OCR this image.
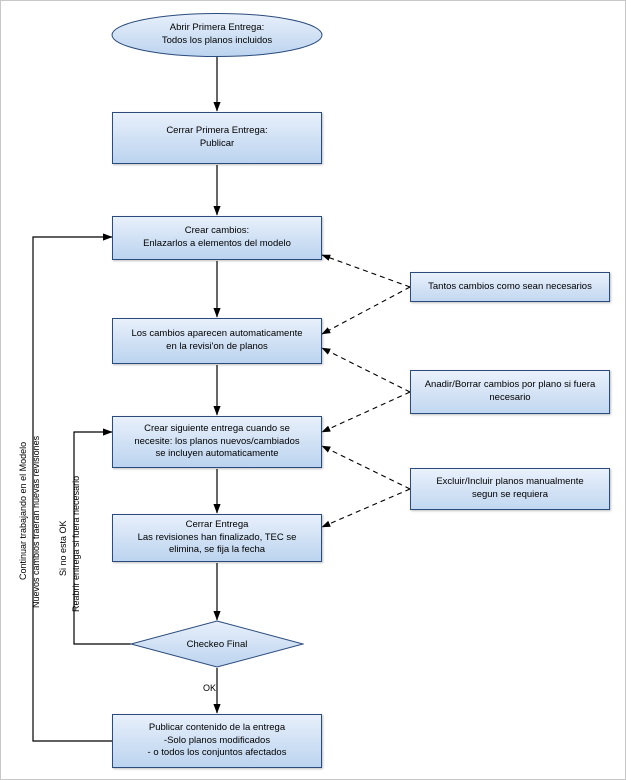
Abrir Primera Entrega:
Todos los planos incluidos
Cerrar Primera Entrega:
Publicar
Crear cambios:
Enlazarlos a elementos del modelo
Los cambios aparecen automaticamente
en la revisi'on de planos
Crear siguiente entrega cuando se
necesite: los planos nuevos/cambiados
se incluyen automaticamente
Cerrar Entrega
Las revisiones han finalizado, TEC se
elimina, se fija la fecha
Checkeo Final
Publicar contenido de la entrega
-Solo planos modificados
- o todos los conjuntos afectados
Tantos cambios como sean necesarios
Anadir/Borrar cambios por plano si fuera
necesario
Excluir/Incluir planos manualmente
segun se requiera
OK
Continuar trabajando en el Modelo Nuevos cambios traeran nuevas revisiones Si no esta OK Reabrir entrega si fuera necesario
